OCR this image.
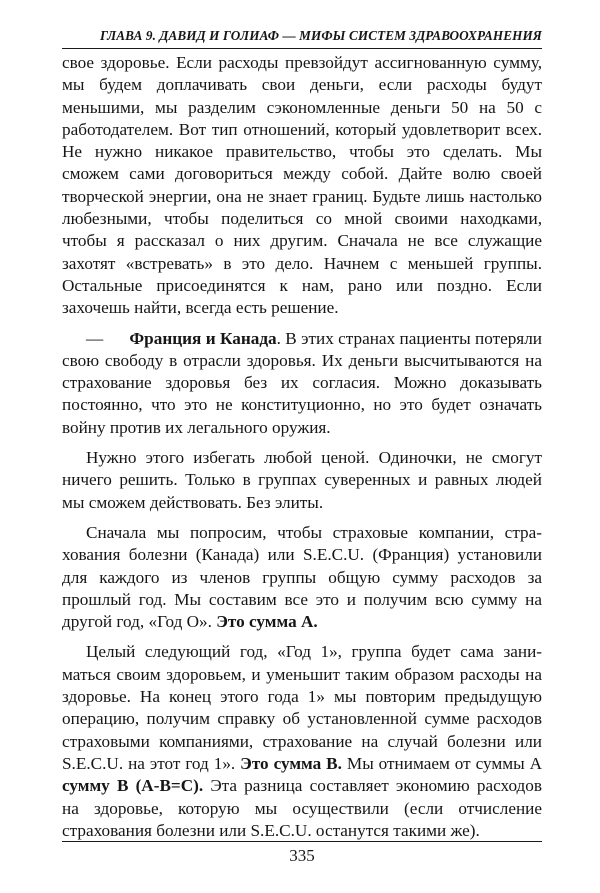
ГЛАВА 9. ДАВИД И ГОЛИАФ — МИФЫ СИСТЕМ ЗДРАВООХРАНЕНИЯ

свое здоровье. Если расходы превзойдут ассигнованную сумму, мы будем доплачивать свои деньги, если расходы будут меньшими, мы разделим сэкономленные деньги 50 на 50 с работодателем. Вот тип отношений, который удовлетворит всех. Не нужно никакое правительство, чтобы это сделать. Мы сможем сами договориться между собой. Дайте волю своей творческой энергии, она не знает границ. Будьте лишь настолько любезными, чтобы поделиться со мной своими находками, чтобы я рассказал о них другим. Сначала не все служащие захотят «встревать» в это дело. Начнем с меньшей группы. Остальные присоединятся к нам, рано или поздно. Если захочешь найти, всегда есть решение.

— Франция и Канада. В этих странах пациенты потеряли свою свободу в отрасли здоровья. Их деньги высчитываются на страхование здоровья без их согласия. Можно доказывать постоянно, что это не конституционно, но это будет означать войну против их легального оружия.

Нужно этого избегать любой ценой. Одиночки, не смогут ничего решить. Только в группах суверенных и равных людей мы сможем действовать. Без элиты.

Сначала мы попросим, чтобы страховые компании, страхования болезни (Канада) или S.E.C.U. (Франция) установили для каждого из членов группы общую сумму расходов за прошлый год. Мы составим все это и получим всю сумму на другой год, «Год О». Это сумма А.

Целый следующий год, «Год 1», группа будет сама заниматься своим здоровьем, и уменьшит таким образом расходы на здоровье. На конец этого года 1» мы повторим предыдущую операцию, получим справку об установленной сумме расходов страховыми компаниями, страхование на случай болезни или S.E.C.U. на этот год 1». Это сумма В. Мы отнимаем от суммы А сумму В (А-В=С). Эта разница составляет экономию расходов на здоровье, которую мы осуществили (если отчисление страхования болезни или S.E.C.U. останутся такими же).

335
